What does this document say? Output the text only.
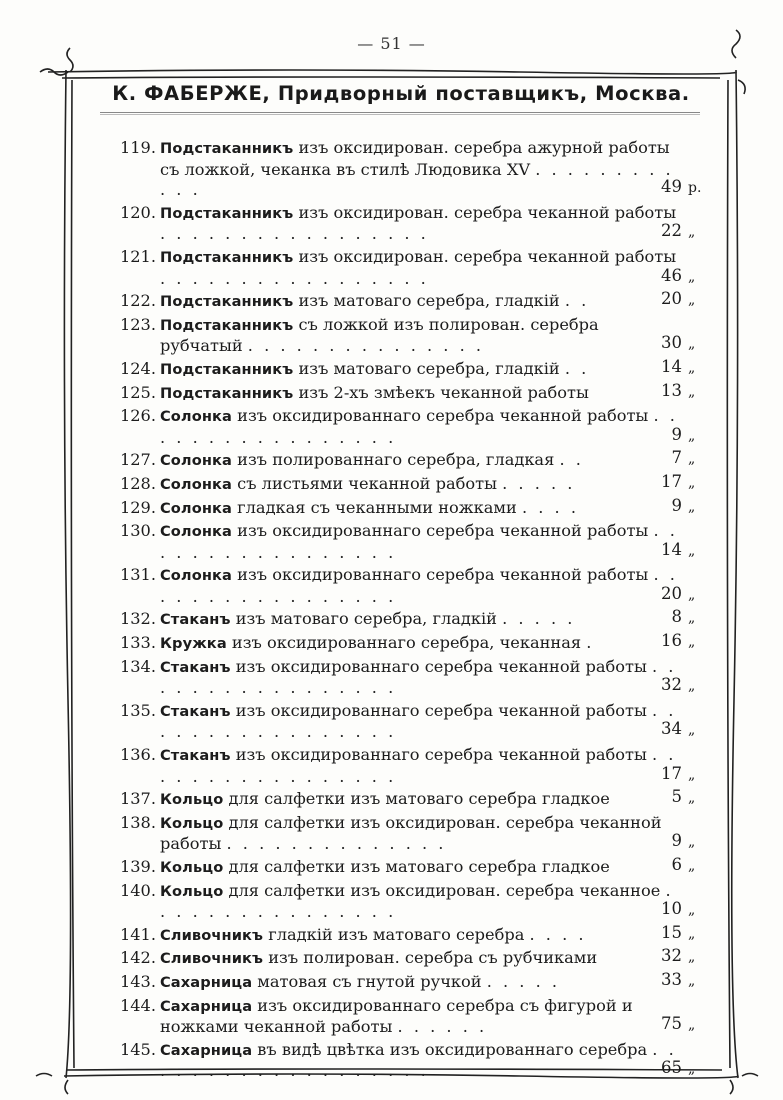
— 51 —
К. ФАБЕРЖЕ, Придворный поставщикъ, Москва.
119. Подстаканникъ изъ оксидирован. серебра ажурной работы съ ложкой, чеканка въ стилѣ Людовика XV . . . . . . . . . . . .	49 р.
120. Подстаканникъ изъ оксидирован. серебра чеканной работы . . . . . . . . . . . . . . . . .	22 „
121. Подстаканникъ изъ оксидирован. серебра чеканной работы . . . . . . . . . . . . . . . . .	46 „
122. Подстаканникъ изъ матоваго серебра, гладкій . .	20 „
123. Подстаканникъ съ ложкой изъ полирован. серебра рубчатый . . . . . . . . . . . . . . .	30 „
124. Подстаканникъ изъ матоваго серебра, гладкій . .	14 „
125. Подстаканникъ изъ 2-хъ змѣекъ чеканной работы	13 „
126. Солонка изъ оксидированнаго серебра чеканной работы . . . . . . . . . . . . . . . . .	9 „
127. Солонка изъ полированнаго серебра, гладкая . .	7 „
128. Солонка съ листьями чеканной работы . . . . .	17 „
129. Солонка гладкая съ чеканными ножками . . . .	9 „
130. Солонка изъ оксидированнаго серебра чеканной работы . . . . . . . . . . . . . . . . .	14 „
131. Солонка изъ оксидированнаго серебра чеканной работы . . . . . . . . . . . . . . . . .	20 „
132. Стаканъ изъ матоваго серебра, гладкій . . . . .	8 „
133. Кружка изъ оксидированнаго серебра, чеканная .	16 „
134. Стаканъ изъ оксидированнаго серебра чеканной работы . . . . . . . . . . . . . . . . .	32 „
135. Стаканъ изъ оксидированнаго серебра чеканной работы . . . . . . . . . . . . . . . . .	34 „
136. Стаканъ изъ оксидированнаго серебра чеканной работы . . . . . . . . . . . . . . . . .	17 „
137. Кольцо для салфетки изъ матоваго серебра гладкое	5 „
138. Кольцо для салфетки изъ оксидирован. серебра чеканной работы . . . . . . . . . . . . . .	9 „
139. Кольцо для салфетки изъ матоваго серебра гладкое	6 „
140. Кольцо для салфетки изъ оксидирован. серебра чеканное . . . . . . . . . . . . . . . .	10 „
141. Сливочникъ гладкій изъ матоваго серебра . . . .	15 „
142. Сливочникъ изъ полирован. серебра съ рубчиками	32 „
143. Сахарница матовая съ гнутой ручкой . . . . .	33 „
144. Сахарница изъ оксидированнаго серебра съ фигурой и ножками чеканной работы . . . . . .	75 „
145. Сахарница въ видѣ цвѣтка изъ оксидированнаго серебра . . . . . . . . . . . . . . . . . . .	65 „
